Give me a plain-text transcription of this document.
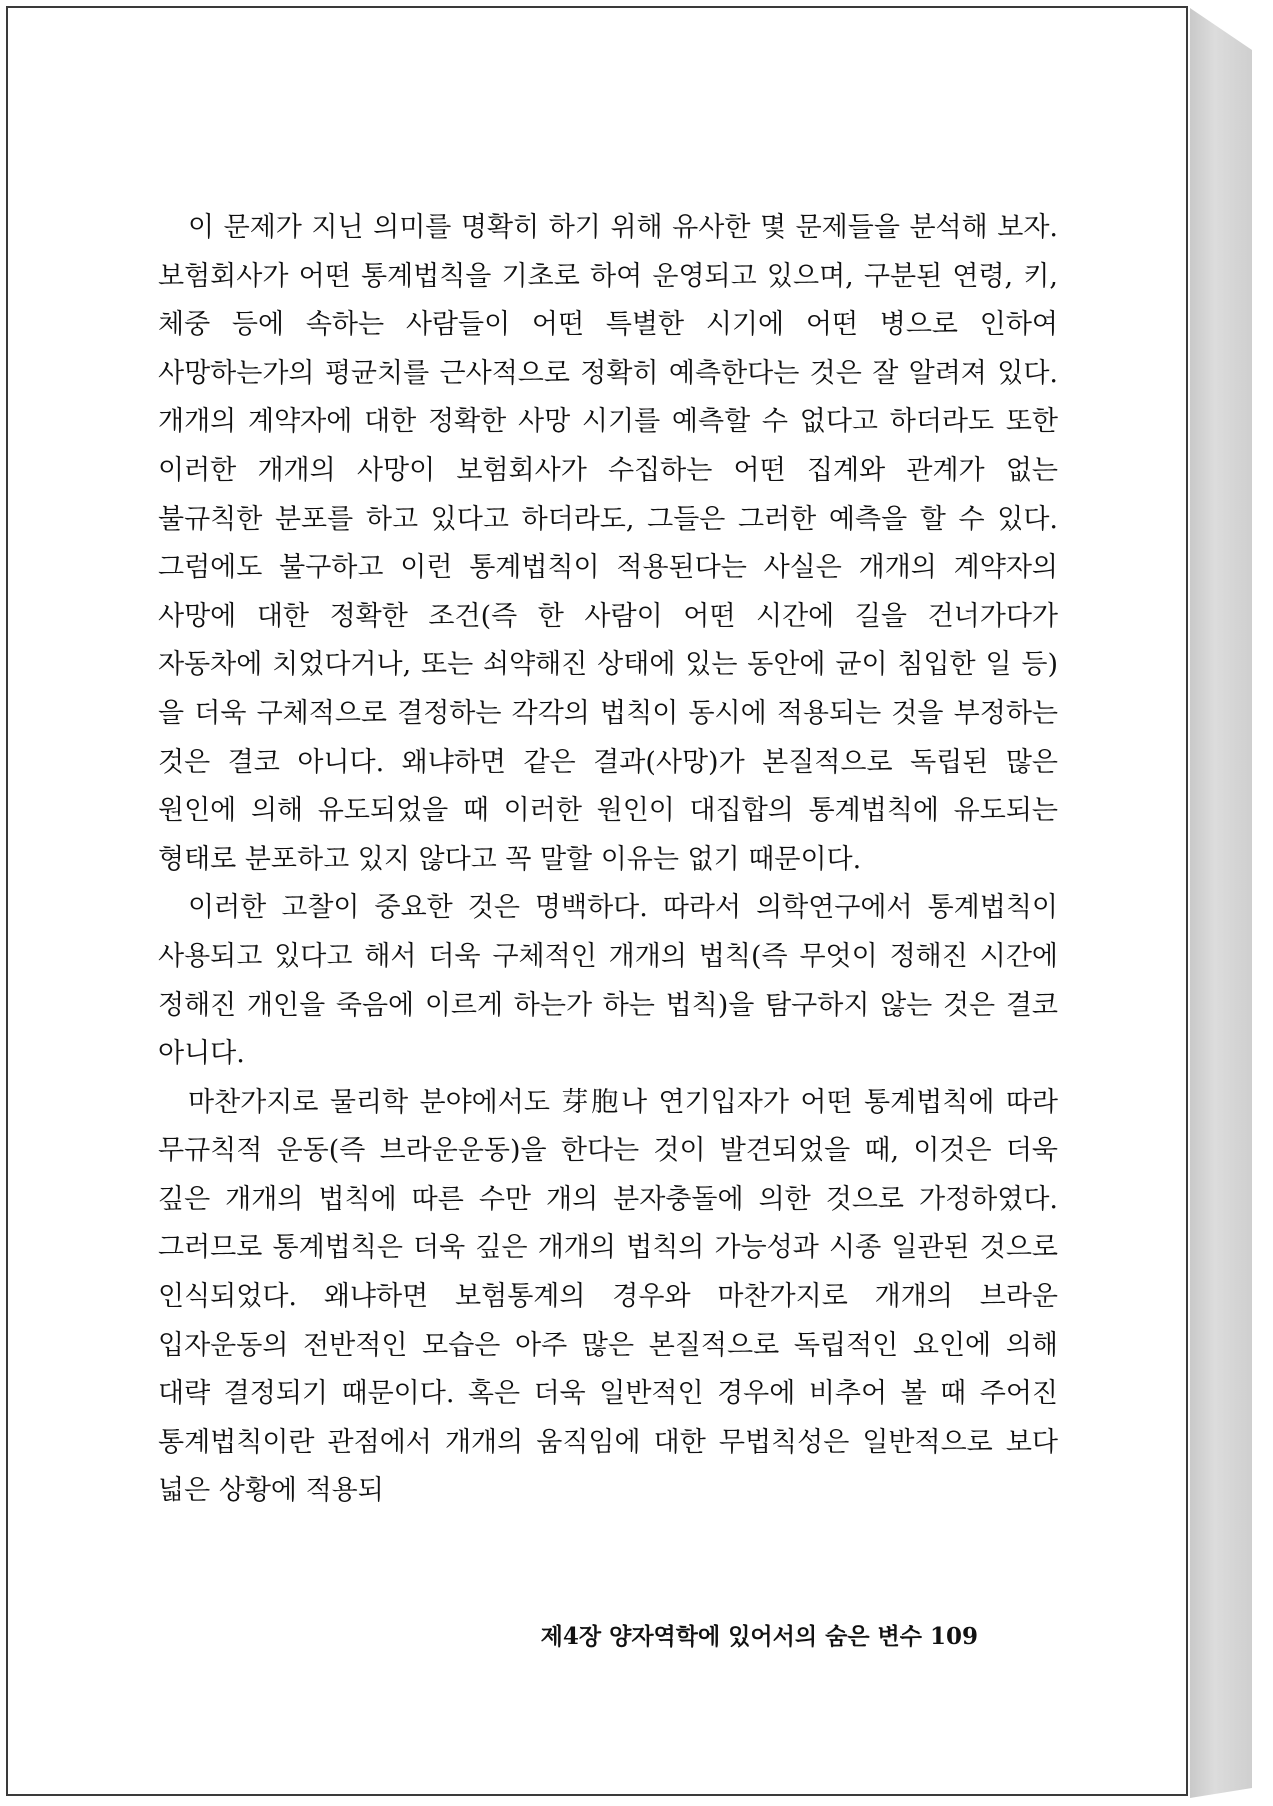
이 문제가 지닌 의미를 명확히 하기 위해 유사한 몇 문제들을 분석해 보자. 보험회사가 어떤 통계법칙을 기초로 하여 운영되고 있으며, 구분된 연령, 키, 체중 등에 속하는 사람들이 어떤 특별한 시기에 어떤 병으로 인하여 사망하는가의 평균치를 근사적으로 정확히 예측한다는 것은 잘 알려져 있다. 개개의 계약자에 대한 정확한 사망 시기를 예측할 수 없다고 하더라도 또한 이러한 개개의 사망이 보험회사가 수집하는 어떤 집계와 관계가 없는 불규칙한 분포를 하고 있다고 하더라도, 그들은 그러한 예측을 할 수 있다. 그럼에도 불구하고 이런 통계법칙이 적용된다는 사실은 개개의 계약자의 사망에 대한 정확한 조건(즉 한 사람이 어떤 시간에 길을 건너가다가 자동차에 치었다거나, 또는 쇠약해진 상태에 있는 동안에 균이 침입한 일 등)을 더욱 구체적으로 결정하는 각각의 법칙이 동시에 적용되는 것을 부정하는 것은 결코 아니다. 왜냐하면 같은 결과(사망)가 본질적으로 독립된 많은 원인에 의해 유도되었을 때 이러한 원인이 대집합의 통계법칙에 유도되는 형태로 분포하고 있지 않다고 꼭 말할 이유는 없기 때문이다.

이러한 고찰이 중요한 것은 명백하다. 따라서 의학연구에서 통계법칙이 사용되고 있다고 해서 더욱 구체적인 개개의 법칙(즉 무엇이 정해진 시간에 정해진 개인을 죽음에 이르게 하는가 하는 법칙)을 탐구하지 않는 것은 결코 아니다.

마찬가지로 물리학 분야에서도 芽胞나 연기입자가 어떤 통계법칙에 따라 무규칙적 운동(즉 브라운운동)을 한다는 것이 발견되었을 때, 이것은 더욱 깊은 개개의 법칙에 따른 수만 개의 분자충돌에 의한 것으로 가정하였다. 그러므로 통계법칙은 더욱 깊은 개개의 법칙의 가능성과 시종 일관된 것으로 인식되었다. 왜냐하면 보험통계의 경우와 마찬가지로 개개의 브라운 입자운동의 전반적인 모습은 아주 많은 본질적으로 독립적인 요인에 의해 대략 결정되기 때문이다. 혹은 더욱 일반적인 경우에 비추어 볼 때 주어진 통계법칙이란 관점에서 개개의 움직임에 대한 무법칙성은 일반적으로 보다 넓은 상황에 적용되

제4장 양자역학에 있어서의 숨은 변수 109
